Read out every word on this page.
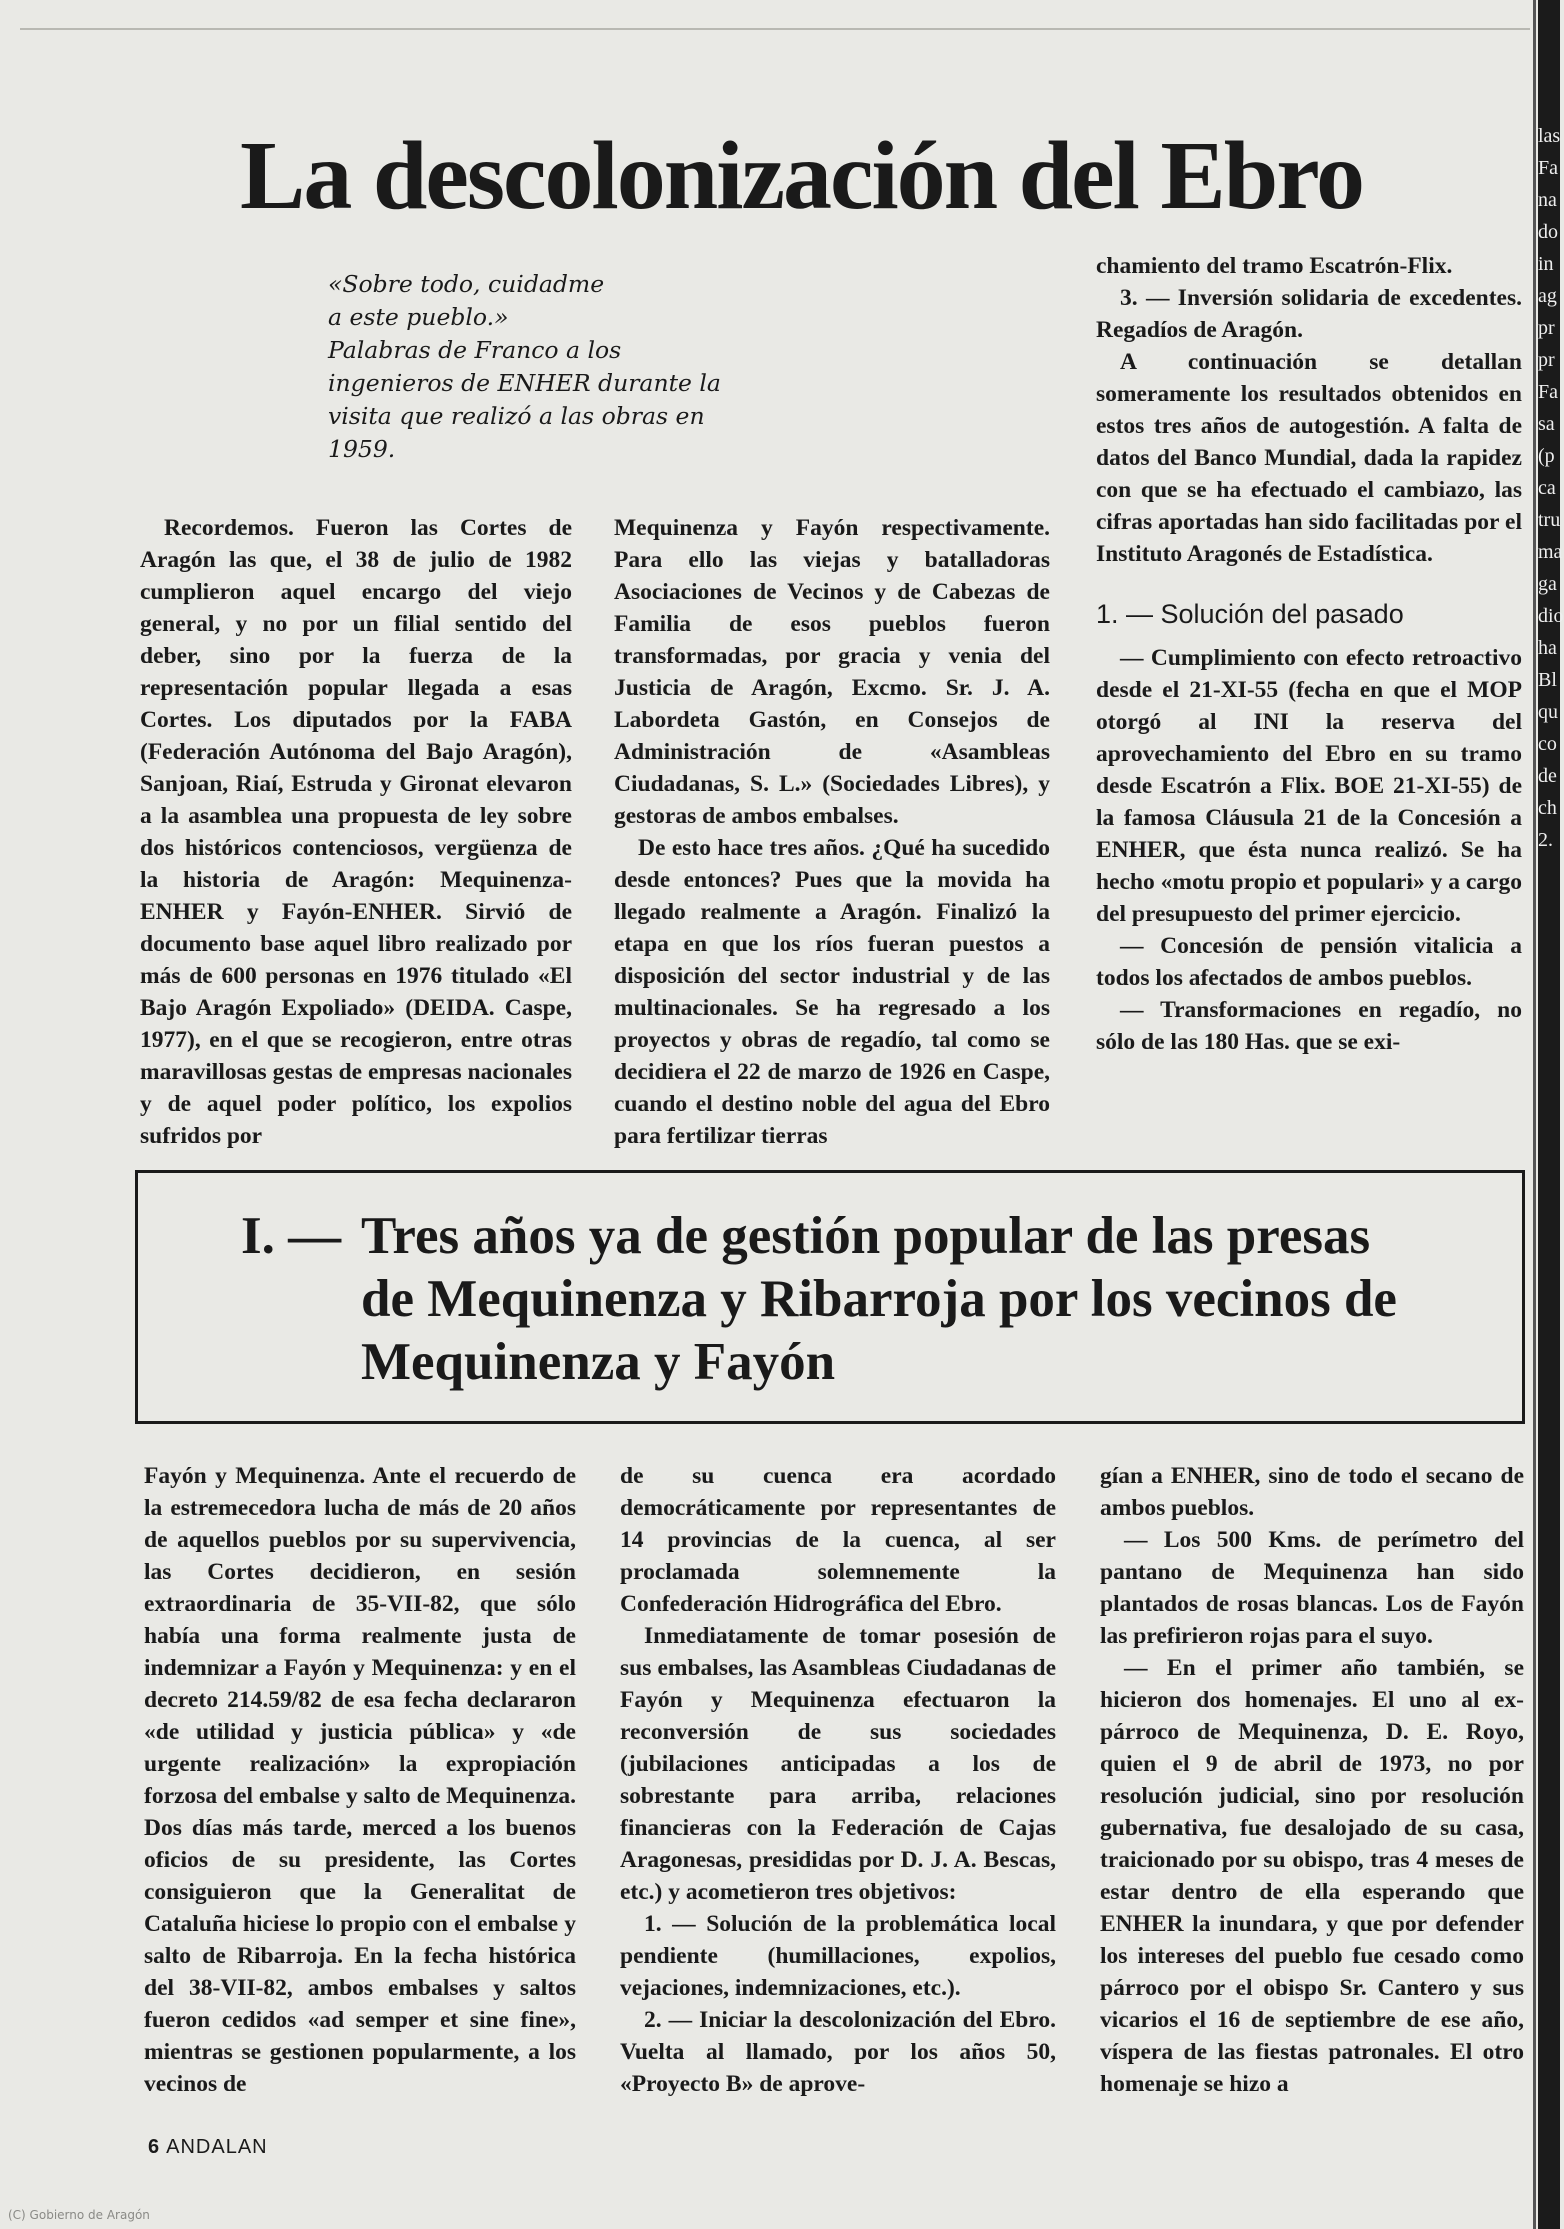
La descolonización del Ebro
«Sobre todo, cuidadme
a este pueblo.»
Palabras de Franco a los ingenieros de ENHER durante la visita que realizó a las obras en 1959.

Recordemos. Fueron las Cortes de Aragón las que, el 38 de julio de 1982 cumplieron aquel encargo del viejo general, y no por un filial sentido del deber, sino por la fuerza de la representación popular llegada a esas Cortes. Los diputados por la FABA (Federación Autónoma del Bajo Aragón), Sanjoan, Riaí, Estruda y Gironat elevaron a la asamblea una propuesta de ley sobre dos históricos contenciosos, vergüenza de la historia de Aragón: Mequinenza-ENHER y Fayón-ENHER. Sirvió de documento base aquel libro realizado por más de 600 personas en 1976 titulado «El Bajo Aragón Expoliado» (DEIDA. Caspe, 1977), en el que se recogieron, entre otras maravillosas gestas de empresas nacionales y de aquel poder político, los expolios sufridos por

Mequinenza y Fayón respectivamente. Para ello las viejas y batalladoras Asociaciones de Vecinos y de Cabezas de Familia de esos pueblos fueron transformadas, por gracia y venia del Justicia de Aragón, Excmo. Sr. J. A. Labordeta Gastón, en Consejos de Administración de «Asambleas Ciudadanas, S. L.» (Sociedades Libres), y gestoras de ambos embalses.

De esto hace tres años. ¿Qué ha sucedido desde entonces? Pues que la movida ha llegado realmente a Aragón. Finalizó la etapa en que los ríos fueran puestos a disposición del sector industrial y de las multinacionales. Se ha regresado a los proyectos y obras de regadío, tal como se decidiera el 22 de marzo de 1926 en Caspe, cuando el destino noble del agua del Ebro para fertilizar tierras

chamiento del tramo Escatrón-Flix.

3. — Inversión solidaria de excedentes. Regadíos de Aragón.

A continuación se detallan someramente los resultados obtenidos en estos tres años de autogestión. A falta de datos del Banco Mundial, dada la rapidez con que se ha efectuado el cambiazo, las cifras aportadas han sido facilitadas por el Instituto Aragonés de Estadística.

1. — Solución del pasado

— Cumplimiento con efecto retroactivo desde el 21-XI-55 (fecha en que el MOP otorgó al INI la reserva del aprovechamiento del Ebro en su tramo desde Escatrón a Flix. BOE 21-XI-55) de la famosa Cláusula 21 de la Concesión a ENHER, que ésta nunca realizó. Se ha hecho «motu propio et populari» y a cargo del presupuesto del primer ejercicio.

— Concesión de pensión vitalicia a todos los afectados de ambos pueblos.

— Transformaciones en regadío, no sólo de las 180 Has. que se exi-

I. — Tres años ya de gestión popular de las presas de Mequinenza y Ribarroja por los vecinos de Mequinenza y Fayón

Fayón y Mequinenza. Ante el recuerdo de la estremecedora lucha de más de 20 años de aquellos pueblos por su supervivencia, las Cortes decidieron, en sesión extraordinaria de 35-VII-82, que sólo había una forma realmente justa de indemnizar a Fayón y Mequinenza: y en el decreto 214.59/82 de esa fecha declararon «de utilidad y justicia pública» y «de urgente realización» la expropiación forzosa del embalse y salto de Mequinenza. Dos días más tarde, merced a los buenos oficios de su presidente, las Cortes consiguieron que la Generalitat de Cataluña hiciese lo propio con el embalse y salto de Ribarroja. En la fecha histórica del 38-VII-82, ambos embalses y saltos fueron cedidos «ad semper et sine fine», mientras se gestionen popularmente, a los vecinos de

de su cuenca era acordado democráticamente por representantes de 14 provincias de la cuenca, al ser proclamada solemnemente la Confederación Hidrográfica del Ebro.

Inmediatamente de tomar posesión de sus embalses, las Asambleas Ciudadanas de Fayón y Mequinenza efectuaron la reconversión de sus sociedades (jubilaciones anticipadas a los de sobrestante para arriba, relaciones financieras con la Federación de Cajas Aragonesas, presididas por D. J. A. Bescas, etc.) y acometieron tres objetivos:

1. — Solución de la problemática local pendiente (humillaciones, expolios, vejaciones, indemnizaciones, etc.).

2. — Iniciar la descolonización del Ebro. Vuelta al llamado, por los años 50, «Proyecto B» de aprove-

gían a ENHER, sino de todo el secano de ambos pueblos.

— Los 500 Kms. de perímetro del pantano de Mequinenza han sido plantados de rosas blancas. Los de Fayón las prefirieron rojas para el suyo.

— En el primer año también, se hicieron dos homenajes. El uno al ex-párroco de Mequinenza, D. E. Royo, quien el 9 de abril de 1973, no por resolución judicial, sino por resolución gubernativa, fue desalojado de su casa, traicionado por su obispo, tras 4 meses de estar dentro de ella esperando que ENHER la inundara, y que por defender los intereses del pueblo fue cesado como párroco por el obispo Sr. Cantero y sus vicarios el 16 de septiembre de ese año, víspera de las fiestas patronales. El otro homenaje se hizo a

6 ANDALAN
(C) Gobierno de Aragón
las Fa na do in ag pr pr Fa sa (p ca tru ma ga dio ha Bl qu co de ch 2.
